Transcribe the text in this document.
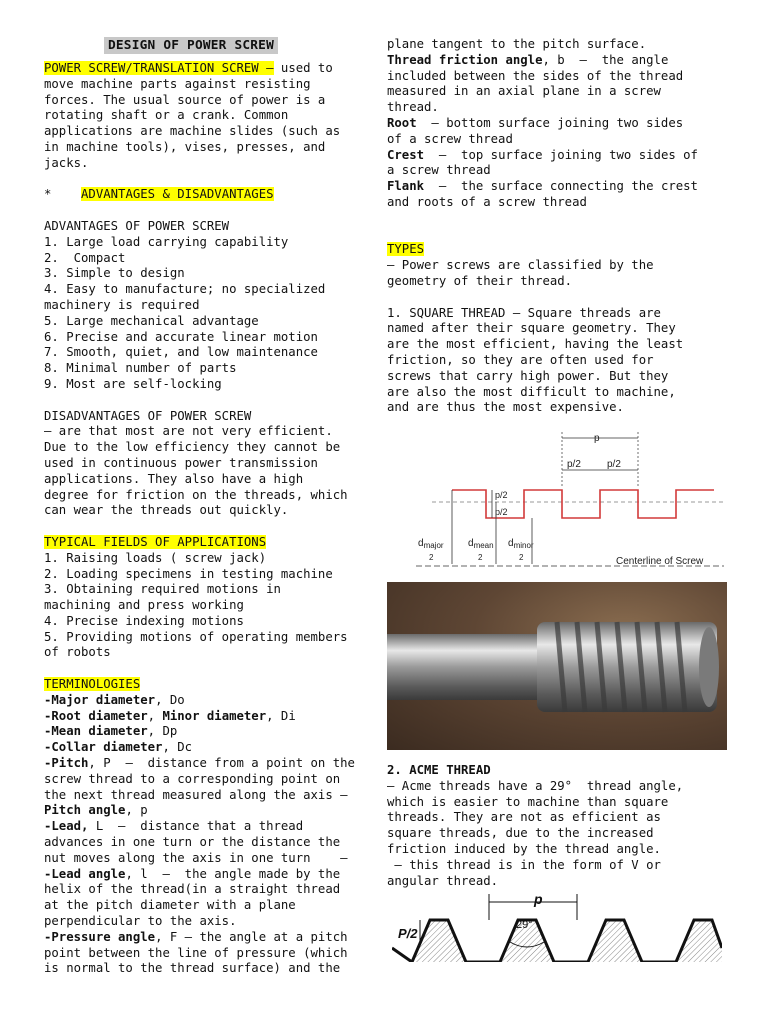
DESIGN OF POWER SCREW
POWER SCREW/TRANSLATION SCREW – used to
move machine parts against resisting
forces. The usual source of power is a
rotating shaft or a crank. Common
applications are machine slides (such as
in machine tools), vises, presses, and
jacks.
* ADVANTAGES & DISADVANTAGES
ADVANTAGES OF POWER SCREW
1. Large load carrying capability
2.  Compact
3. Simple to design
4. Easy to manufacture; no specialized
machinery is required
5. Large mechanical advantage
6. Precise and accurate linear motion
7. Smooth, quiet, and low maintenance
8. Minimal number of parts
9. Most are self-locking
DISADVANTAGES OF POWER SCREW
– are that most are not very efficient.
Due to the low efficiency they cannot be
used in continuous power transmission
applications. They also have a high
degree for friction on the threads, which
can wear the threads out quickly.
TYPICAL FIELDS OF APPLICATIONS
1. Raising loads ( screw jack)
2. Loading specimens in testing machine
3. Obtaining required motions in
machining and press working
4. Precise indexing motions
5. Providing motions of operating members
of robots
TERMINOLOGIES
-Major diameter, Do
-Root diameter, Minor diameter, Di
-Mean diameter, Dp
-Collar diameter, Dc
-Pitch, P  –  distance from a point on the
screw thread to a corresponding point on
the next thread measured along the axis –
Pitch angle, p
-Lead, L  –  distance that a thread
advances in one turn or the distance the
nut moves along the axis in one turn    –
-Lead angle, l  –  the angle made by the
helix of the thread(in a straight thread
at the pitch diameter with a plane
perpendicular to the axis.
-Pressure angle, F – the angle at a pitch
point between the line of pressure (which
is normal to the thread surface) and the
plane tangent to the pitch surface.
Thread friction angle, b  –  the angle
included between the sides of the thread
measured in an axial plane in a screw
thread.
Root  – bottom surface joining two sides
of a screw thread
Crest  –  top surface joining two sides of
a screw thread
Flank  –  the surface connecting the crest
and roots of a screw thread
TYPES
– Power screws are classified by the
geometry of their thread.
1. SQUARE THREAD – Square threads are
named after their square geometry. They
are the most efficient, having the least
friction, so they are often used for
screws that carry high power. But they
are also the most difficult to machine,
and are thus the most expensive.
p
p/2	p/2
p/2
p/2
$d_{major}$
2
$d_{mean}$
2
$d_{minor}$
2	Centerline of Screw
2. ACME THREAD
– Acme threads have a 29°  thread angle,
which is easier to machine than square
threads. They are not as efficient as
square threads, due to the increased
friction induced by the thread angle.
– this thread is in the form of V or
angular thread.
p
P/2
29°
